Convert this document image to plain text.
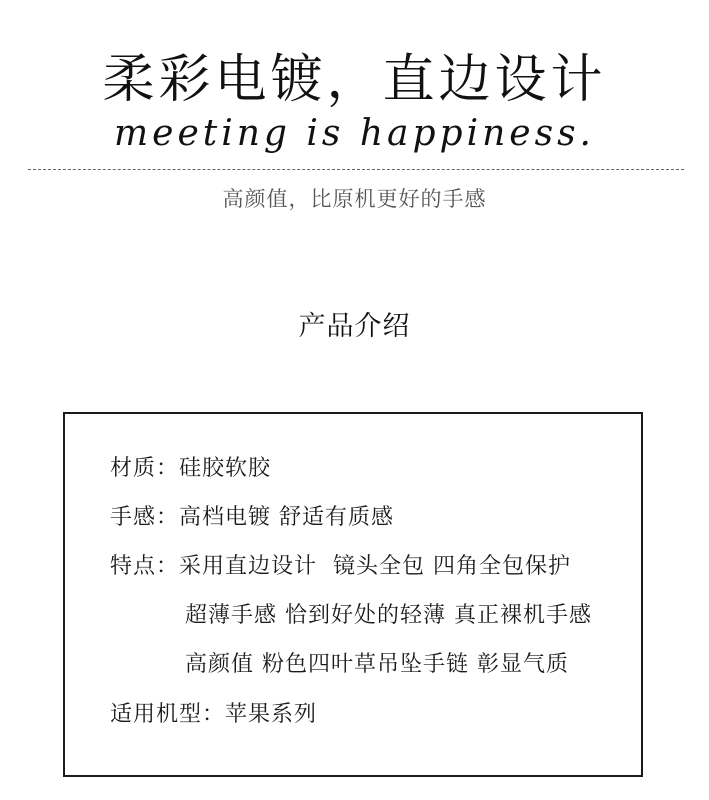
柔彩电镀，直边设计
meeting is happiness.
高颜值，比原机更好的手感
产品介绍
材质：硅胶软胶
手感：高档电镀 舒适有质感
特点：采用直边设计  镜头全包 四角全包保护
超薄手感 恰到好处的轻薄 真正裸机手感
高颜值 粉色四叶草吊坠手链 彰显气质
适用机型：苹果系列
